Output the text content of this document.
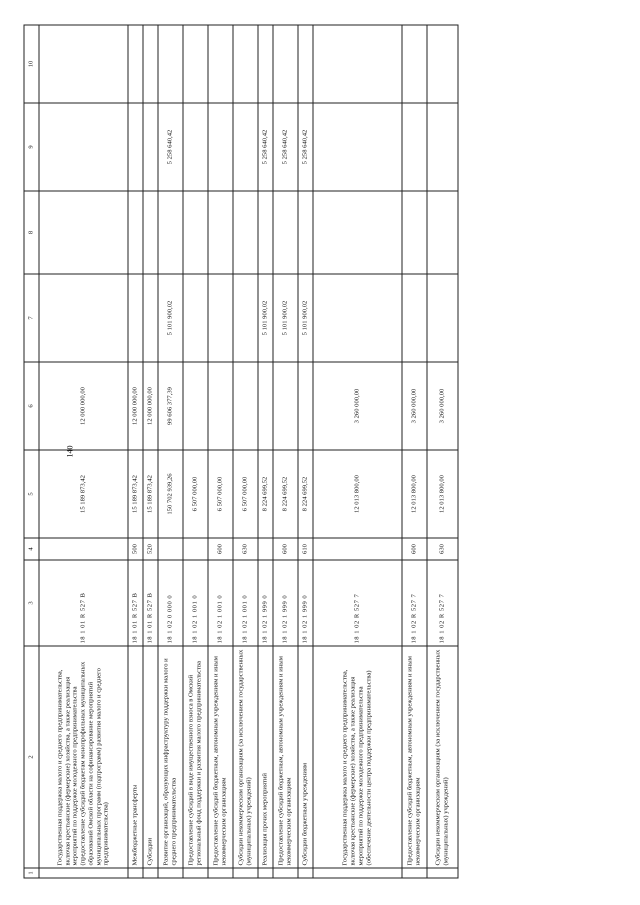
140
1	2	3	4	5	6	7	8	9	10
	Государственная поддержка малого и среднего предпринимательства, включая крестьянские (фермерские) хозяйства, а также реализация мероприятий по поддержке молодежного предпринимательства (предоставление субсидий бюджетам монопрофильных муниципальных образований Омской области на софинансирование мероприятий муниципальных программ (подпрограмм) развития малого и среднего предпринимательства)	18 1 01 R 527 B		15 189 873,42	12 000 000,00				
	Межбюджетные трансферты	18 1 01 R 527 B	500	15 189 873,42	12 000 000,00				
	Субсидии	18 1 01 R 527 B	520	15 189 873,42	12 000 000,00				
	Развитие организаций, образующих инфраструктуру поддержки малого и среднего предпринимательства	18 1 02 0 000 0		150 702 939,26	99 606 377,39	5 101 900,02		5 258 640,42	
	Предоставление субсидий в виде имущественного взноса в Омский региональный фонд поддержки и развития малого предпринимательства	18 1 02 1 001 0		6 507 000,00					
	Предоставление субсидий бюджетным, автономным учреждениям и иным некоммерческим организациям	18 1 02 1 001 0	600	6 507 000,00					
	Субсидии некоммерческим организациям (за исключением государственных (муниципальных) учреждений)	18 1 02 1 001 0	630	6 507 000,00					
	Реализация прочих мероприятий	18 1 02 1 999 0		8 224 699,52		5 101 900,02		5 258 640,42	
	Предоставление субсидий бюджетным, автономным учреждениям и иным некоммерческим организациям	18 1 02 1 999 0	600	8 224 699,52		5 101 900,02		5 258 640,42	
	Субсидии бюджетным учреждениям	18 1 02 1 999 0	610	8 224 699,52		5 101 900,02		5 258 640,42	
	Государственная поддержка малого и среднего предпринимательства, включая крестьянские (фермерские) хозяйства, а также реализация мероприятий по поддержке молодежного предпринимательства (обеспечение деятельности центра поддержки предпринимательства)	18 1 02 R 527 7		12 013 800,00	3 260 000,00				
	Предоставление субсидий бюджетным, автономным учреждениям и иным некоммерческим организациям	18 1 02 R 527 7	600	12 013 800,00	3 260 000,00				
	Субсидии некоммерческим организациям (за исключением государственных (муниципальных) учреждений)	18 1 02 R 527 7	630	12 013 800,00	3 260 000,00				
